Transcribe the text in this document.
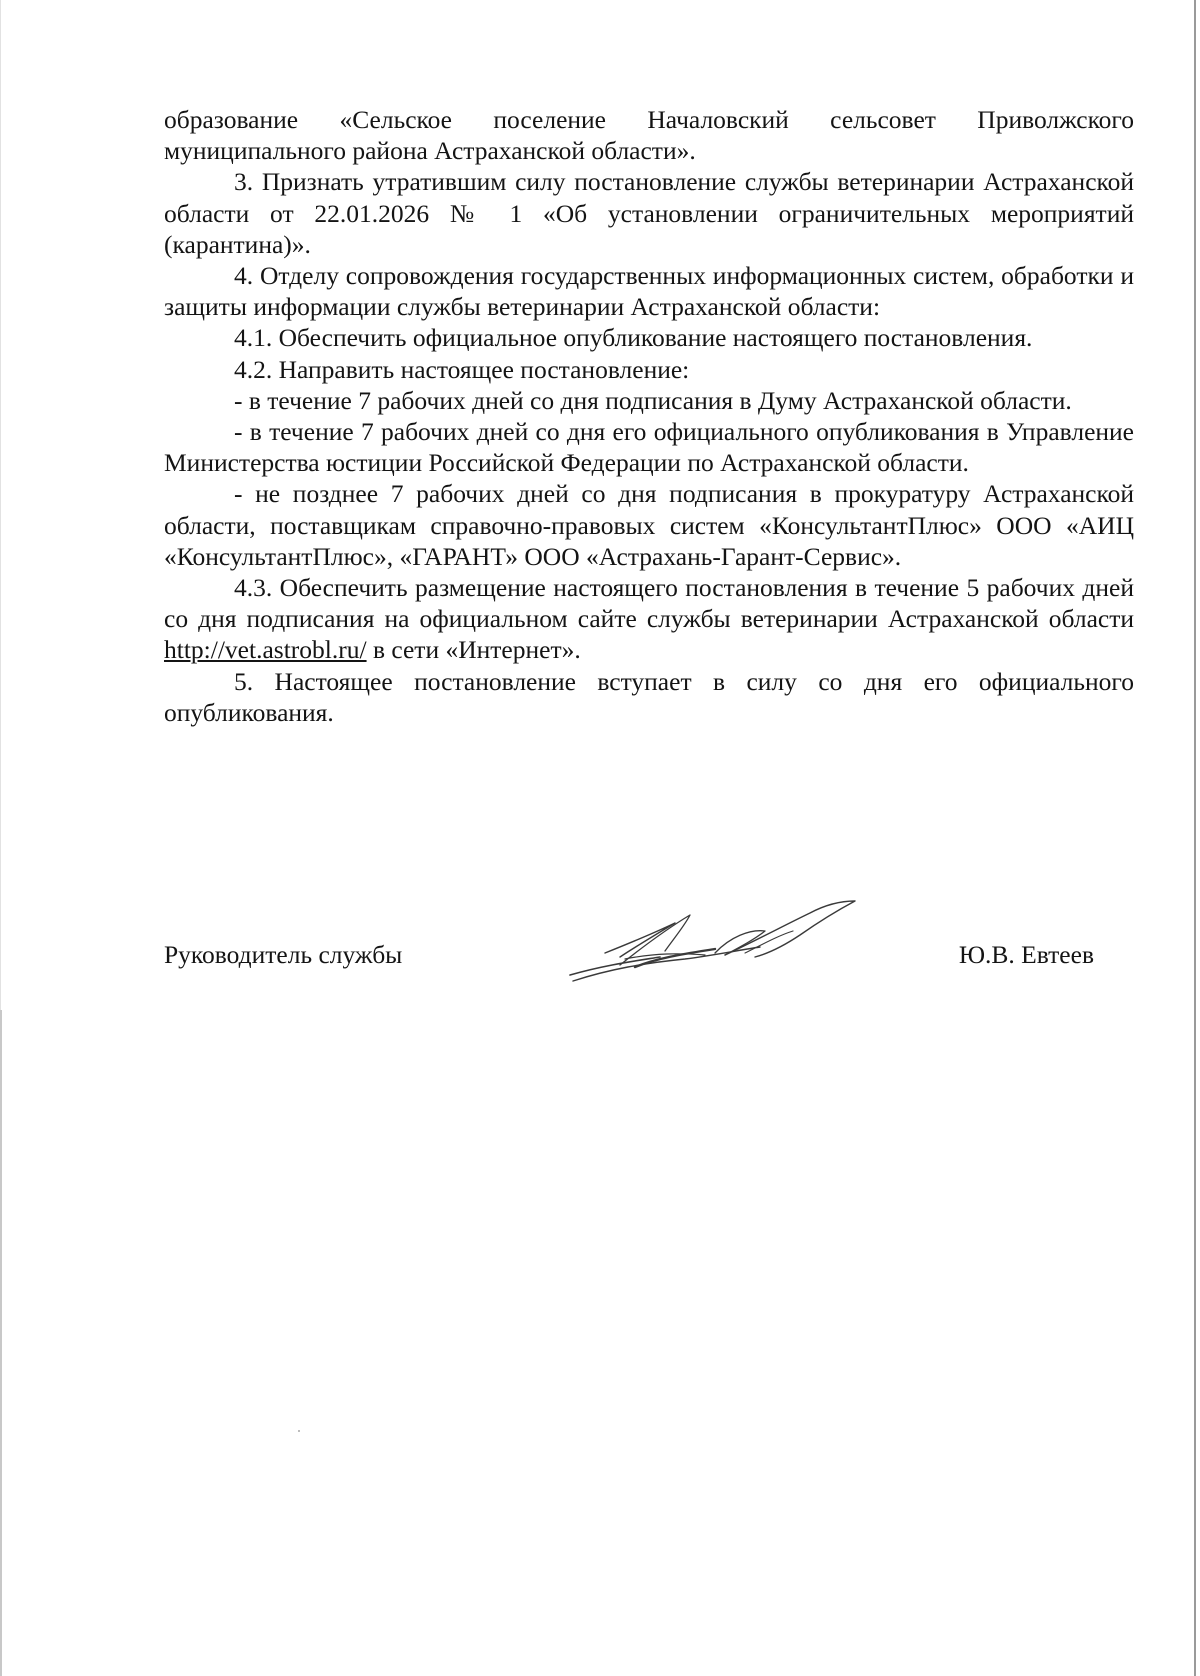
образование «Сельское поселение Началовский сельсовет Приволжского муниципального района Астраханской области».

3. Признать утратившим силу постановление службы ветеринарии Астраханской области от 22.01.2026 № 1 «Об установлении ограничительных мероприятий (карантина)».

4. Отделу сопровождения государственных информационных систем, обработки и защиты информации службы ветеринарии Астраханской области:

4.1. Обеспечить официальное опубликование настоящего постановления.

4.2. Направить настоящее постановление:

- в течение 7 рабочих дней со дня подписания в Думу Астраханской области.

- в течение 7 рабочих дней со дня его официального опубликования в Управление Министерства юстиции Российской Федерации по Астраханской области.

- не позднее 7 рабочих дней со дня подписания в прокуратуру Астраханской области, поставщикам справочно-правовых систем «КонсультантПлюс» ООО «АИЦ «КонсультантПлюс», «ГАРАНТ» ООО «Астрахань-Гарант-Сервис».

4.3. Обеспечить размещение настоящего постановления в течение 5 рабочих дней со дня подписания на официальном сайте службы ветеринарии Астраханской области http://vet.astrobl.ru/ в сети «Интернет».

5. Настоящее постановление вступает в силу со дня его официального опубликования.

Руководитель службы	Ю.В. Евтеев
